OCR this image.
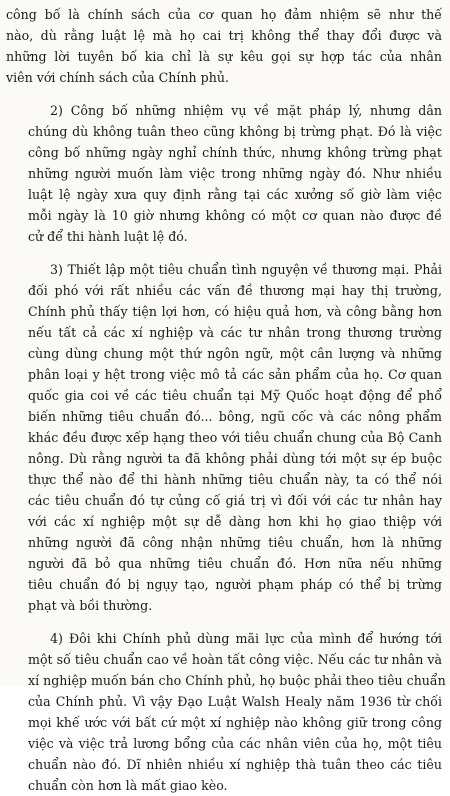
công bố là chính sách của cơ quan họ đảm nhiệm sẽ như thế
nào, dù rằng luật lệ mà họ cai trị không thể thay đổi được và
những lời tuyên bố kia chỉ là sự kêu gọi sự hợp tác của nhân
viên với chính sách của Chính phủ.
2) Công bố những nhiệm vụ về mặt pháp lý, nhưng dân
chúng dù không tuân theo cũng không bị trừng phạt. Đó là việc
công bố những ngày nghỉ chính thức, nhưng không trừng phạt
những người muốn làm việc trong những ngày đó. Như nhiều
luật lệ ngày xưa quy định rằng tại các xưởng số giờ làm việc
mỗi ngày là 10 giờ nhưng không có một cơ quan nào được đề
cử để thi hành luật lệ đó.
3) Thiết lập một tiêu chuẩn tình nguyện về thương mại. Phải
đối phó với rất nhiều các vấn đề thương mại hay thị trường,
Chính phủ thấy tiện lợi hơn, có hiệu quả hơn, và công bằng hơn
nếu tất cả các xí nghiệp và các tư nhân trong thương trường
cùng dùng chung một thứ ngôn ngữ, một cân lượng và những
phân loại y hệt trong việc mô tả các sản phẩm của họ. Cơ quan
quốc gia coi về các tiêu chuẩn tại Mỹ Quốc hoạt động để phổ
biến những tiêu chuẩn đó... bông, ngũ cốc và các nông phẩm
khác đều được xếp hạng theo với tiêu chuẩn chung của Bộ Canh
nông. Dù rằng người ta đã không phải dùng tới một sự ép buộc
thực thể nào để thi hành những tiêu chuẩn này, ta có thể nói
các tiêu chuẩn đó tự củng cố giá trị vì đối với các tư nhân hay
với các xí nghiệp một sự dễ dàng hơn khi họ giao thiệp với
những người đã công nhận những tiêu chuẩn, hơn là những
người đã bỏ qua những tiêu chuẩn đó. Hơn nữa nếu những
tiêu chuẩn đó bị ngụy tạo, người phạm pháp có thể bị trừng
phạt và bồi thường.
4) Đôi khi Chính phủ dùng mãi lực của mình để hướng tới
một số tiêu chuẩn cao về hoàn tất công việc. Nếu các tư nhân và
xí nghiệp muốn bán cho Chính phủ, họ buộc phải theo tiêu chuẩn
của Chính phủ. Vì vậy Đạo Luật Walsh Healy năm 1936 từ chối
mọi khế ước với bất cứ một xí nghiệp nào không giữ trong công
việc và việc trả lương bổng của các nhân viên của họ, một tiêu
chuẩn nào đó. Dĩ nhiên nhiều xí nghiệp thà tuân theo các tiêu
chuẩn còn hơn là mất giao kèo.
